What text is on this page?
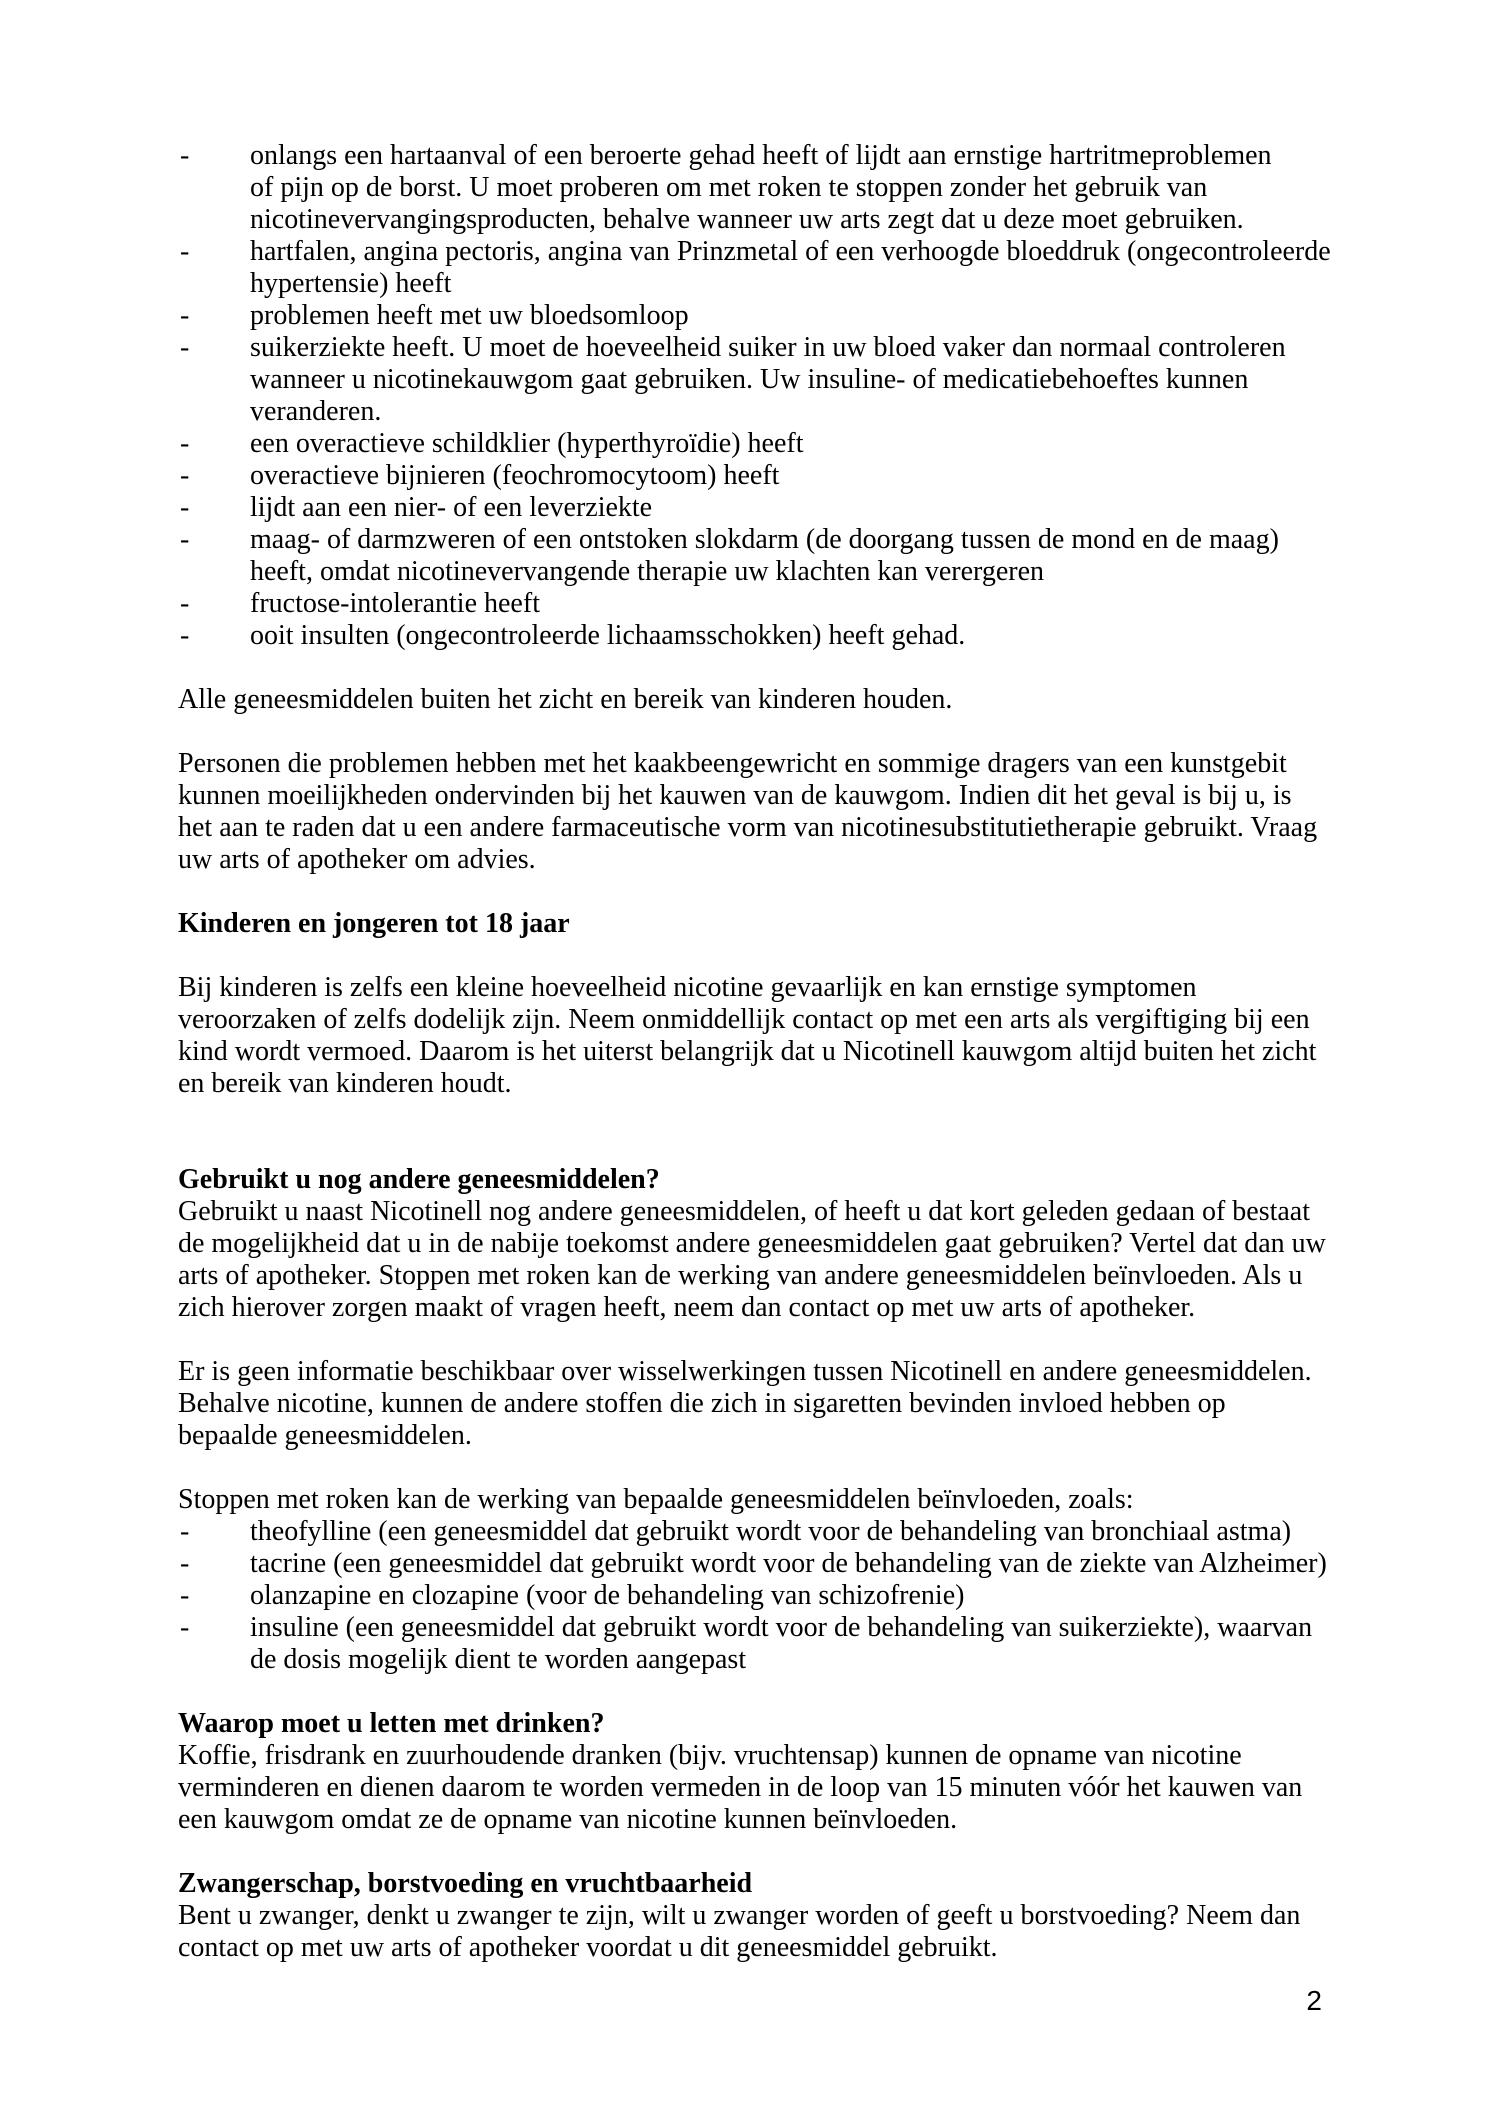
-	onlangs een hartaanval of een beroerte gehad heeft of lijdt aan ernstige hartritmeproblemen
of pijn op de borst. U moet proberen om met roken te stoppen zonder het gebruik van
nicotinevervangingsproducten, behalve wanneer uw arts zegt dat u deze moet gebruiken.
-	hartfalen, angina pectoris, angina van Prinzmetal of een verhoogde bloeddruk (ongecontroleerde
hypertensie) heeft
-	problemen heeft met uw bloedsomloop
-	suikerziekte heeft. U moet de hoeveelheid suiker in uw bloed vaker dan normaal controleren
wanneer u nicotinekauwgom gaat gebruiken. Uw insuline- of medicatiebehoeftes kunnen
veranderen.
-	een overactieve schildklier (hyperthyroïdie) heeft
-	overactieve bijnieren (feochromocytoom) heeft
-	lijdt aan een nier- of een leverziekte
-	maag- of darmzweren of een ontstoken slokdarm (de doorgang tussen de mond en de maag)
heeft, omdat nicotinevervangende therapie uw klachten kan verergeren
-	fructose-intolerantie heeft
-	ooit insulten (ongecontroleerde lichaamsschokken) heeft gehad.

Alle geneesmiddelen buiten het zicht en bereik van kinderen houden.

Personen die problemen hebben met het kaakbeengewricht en sommige dragers van een kunstgebit
kunnen moeilijkheden ondervinden bij het kauwen van de kauwgom. Indien dit het geval is bij u, is
het aan te raden dat u een andere farmaceutische vorm van nicotinesubstitutietherapie gebruikt. Vraag
uw arts of apotheker om advies.

Kinderen en jongeren tot 18 jaar

Bij kinderen is zelfs een kleine hoeveelheid nicotine gevaarlijk en kan ernstige symptomen
veroorzaken of zelfs dodelijk zijn. Neem onmiddellijk contact op met een arts als vergiftiging bij een
kind wordt vermoed. Daarom is het uiterst belangrijk dat u Nicotinell kauwgom altijd buiten het zicht
en bereik van kinderen houdt.

Gebruikt u nog andere geneesmiddelen?

Gebruikt u naast Nicotinell nog andere geneesmiddelen, of heeft u dat kort geleden gedaan of bestaat
de mogelijkheid dat u in de nabije toekomst andere geneesmiddelen gaat gebruiken? Vertel dat dan uw
arts of apotheker. Stoppen met roken kan de werking van andere geneesmiddelen beïnvloeden. Als u
zich hierover zorgen maakt of vragen heeft, neem dan contact op met uw arts of apotheker.

Er is geen informatie beschikbaar over wisselwerkingen tussen Nicotinell en andere geneesmiddelen.
Behalve nicotine, kunnen de andere stoffen die zich in sigaretten bevinden invloed hebben op
bepaalde geneesmiddelen.

Stoppen met roken kan de werking van bepaalde geneesmiddelen beïnvloeden, zoals:

-	theofylline (een geneesmiddel dat gebruikt wordt voor de behandeling van bronchiaal astma)
-	tacrine (een geneesmiddel dat gebruikt wordt voor de behandeling van de ziekte van Alzheimer)
-	olanzapine en clozapine (voor de behandeling van schizofrenie)
-	insuline (een geneesmiddel dat gebruikt wordt voor de behandeling van suikerziekte), waarvan
de dosis mogelijk dient te worden aangepast
Waarop moet u letten met drinken?

Koffie, frisdrank en zuurhoudende dranken (bijv. vruchtensap) kunnen de opname van nicotine
verminderen en dienen daarom te worden vermeden in de loop van 15 minuten vóór het kauwen van
een kauwgom omdat ze de opname van nicotine kunnen beïnvloeden.

Zwangerschap, borstvoeding en vruchtbaarheid

Bent u zwanger, denkt u zwanger te zijn, wilt u zwanger worden of geeft u borstvoeding? Neem dan
contact op met uw arts of apotheker voordat u dit geneesmiddel gebruikt.

2
